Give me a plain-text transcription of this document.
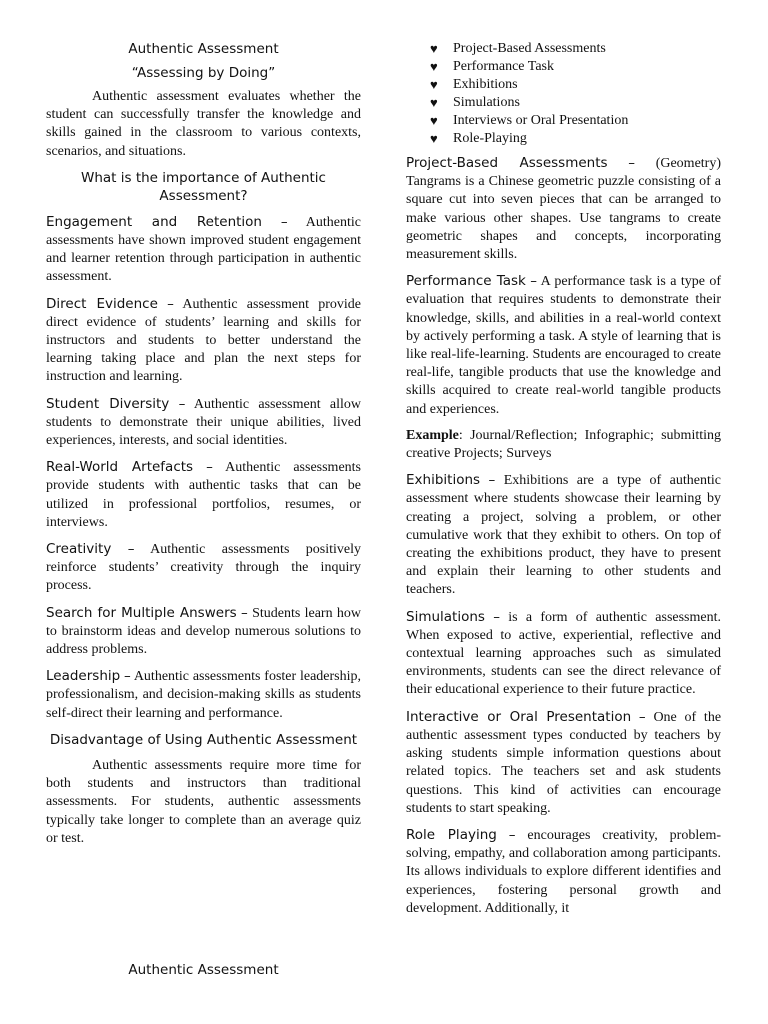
Authentic Assessment
“Assessing by Doing”

Authentic assessment evaluates whether the student can successfully transfer the knowledge and skills gained in the classroom to various contexts, scenarios, and situations.

What is the importance of Authentic Assessment?

Engagement and Retention – Authentic assessments have shown improved student engagement and learner retention through participation in authentic assessment.

Direct Evidence – Authentic assessment provide direct evidence of students’ learning and skills for instructors and students to better understand the learning taking place and plan the next steps for instruction and learning.

Student Diversity – Authentic assessment allow students to demonstrate their unique abilities, lived experiences, interests, and social identities.

Real-World Artefacts – Authentic assessments provide students with authentic tasks that can be utilized in professional portfolios, resumes, or interviews.

Creativity – Authentic assessments positively reinforce students’ creativity through the inquiry process.

Search for Multiple Answers – Students learn how to brainstorm ideas and develop numerous solutions to address problems.

Leadership – Authentic assessments foster leadership, professionalism, and decision-making skills as students self-direct their learning and performance.

Disadvantage of Using Authentic Assessment

Authentic assessments require more time for both students and instructors than traditional assessments. For students, authentic assessments typically take longer to complete than an average quiz or test.

Authentic Assessment
♥ Project-Based Assessments
♥ Performance Task
♥ Exhibitions
♥ Simulations
♥ Interviews or Oral Presentation
♥ Role-Playing

Project-Based Assessments – (Geometry) Tangrams is a Chinese geometric puzzle consisting of a square cut into seven pieces that can be arranged to make various other shapes. Use tangrams to create geometric shapes and concepts, incorporating measurement skills.

Performance Task – A performance task is a type of evaluation that requires students to demonstrate their knowledge, skills, and abilities in a real-world context by actively performing a task. A style of learning that is like real-life-learning. Students are encouraged to create real-life, tangible products that use the knowledge and skills acquired to create real-world tangible products and experiences.

Example: Journal/Reflection; Infographic; submitting creative Projects; Surveys

Exhibitions – Exhibitions are a type of authentic assessment where students showcase their learning by creating a project, solving a problem, or other cumulative work that they exhibit to others. On top of creating the exhibitions product, they have to present and explain their learning to other students and teachers.

Simulations – is a form of authentic assessment. When exposed to active, experiential, reflective and contextual learning approaches such as simulated environments, students can see the direct relevance of their educational experience to their future practice.

Interactive or Oral Presentation – One of the authentic assessment types conducted by teachers by asking students simple information questions about related topics. The teachers set and ask students questions. This kind of activities can encourage students to start speaking.

Role Playing – encourages creativity, problem-solving, empathy, and collaboration among participants. Its allows individuals to explore different identifies and experiences, fostering personal growth and development. Additionally, it
